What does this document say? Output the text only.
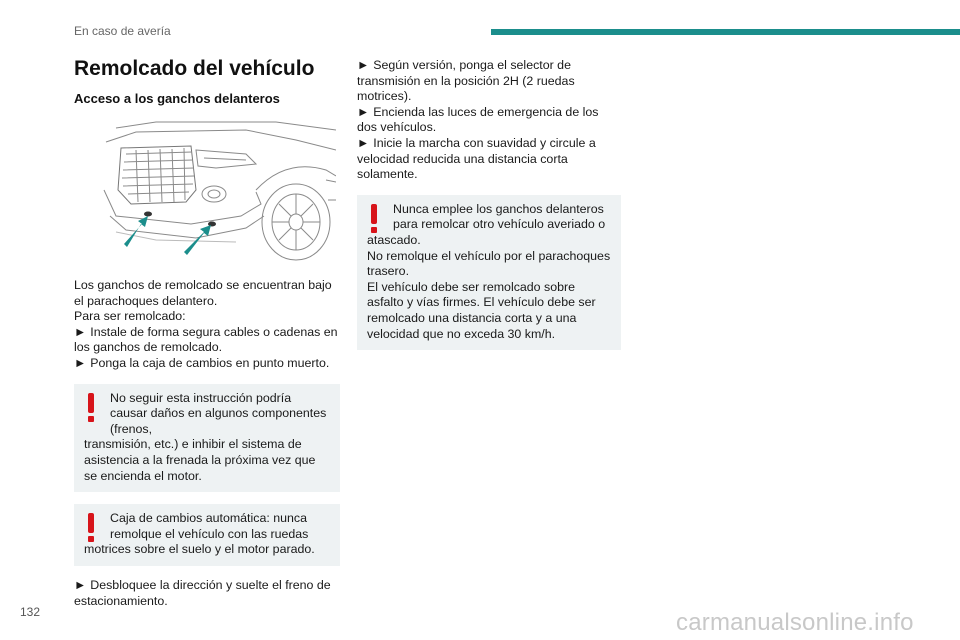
En caso de avería
Remolcado del vehículo
Acceso a los ganchos delanteros

Los ganchos de remolcado se encuentran bajo el parachoques delantero.

Para ser remolcado:

► Instale de forma segura cables o cadenas en los ganchos de remolcado.

► Ponga la caja de cambios en punto muerto.

No seguir esta instrucción podría causar daños en algunos componentes (frenos,
transmisión, etc.) e inhibir el sistema de asistencia a la frenada la próxima vez que se encienda el motor.
Caja de cambios automática: nunca remolque el vehículo con las ruedas
motrices sobre el suelo y el motor parado.

► Desbloquee la dirección y suelte el freno de estacionamiento.

► Según versión, ponga el selector de transmisión en la posición 2H (2 ruedas motrices).

► Encienda las luces de emergencia de los dos vehículos.

► Inicie la marcha con suavidad y circule a velocidad reducida una distancia corta solamente.

Nunca emplee los ganchos delanteros para remolcar otro vehículo averiado o
atascado.
No remolque el vehículo por el parachoques trasero.
El vehículo debe ser remolcado sobre asfalto y vías firmes. El vehículo debe ser remolcado una distancia corta y a una velocidad que no exceda 30 km/h.
132	carmanualsonline.info
